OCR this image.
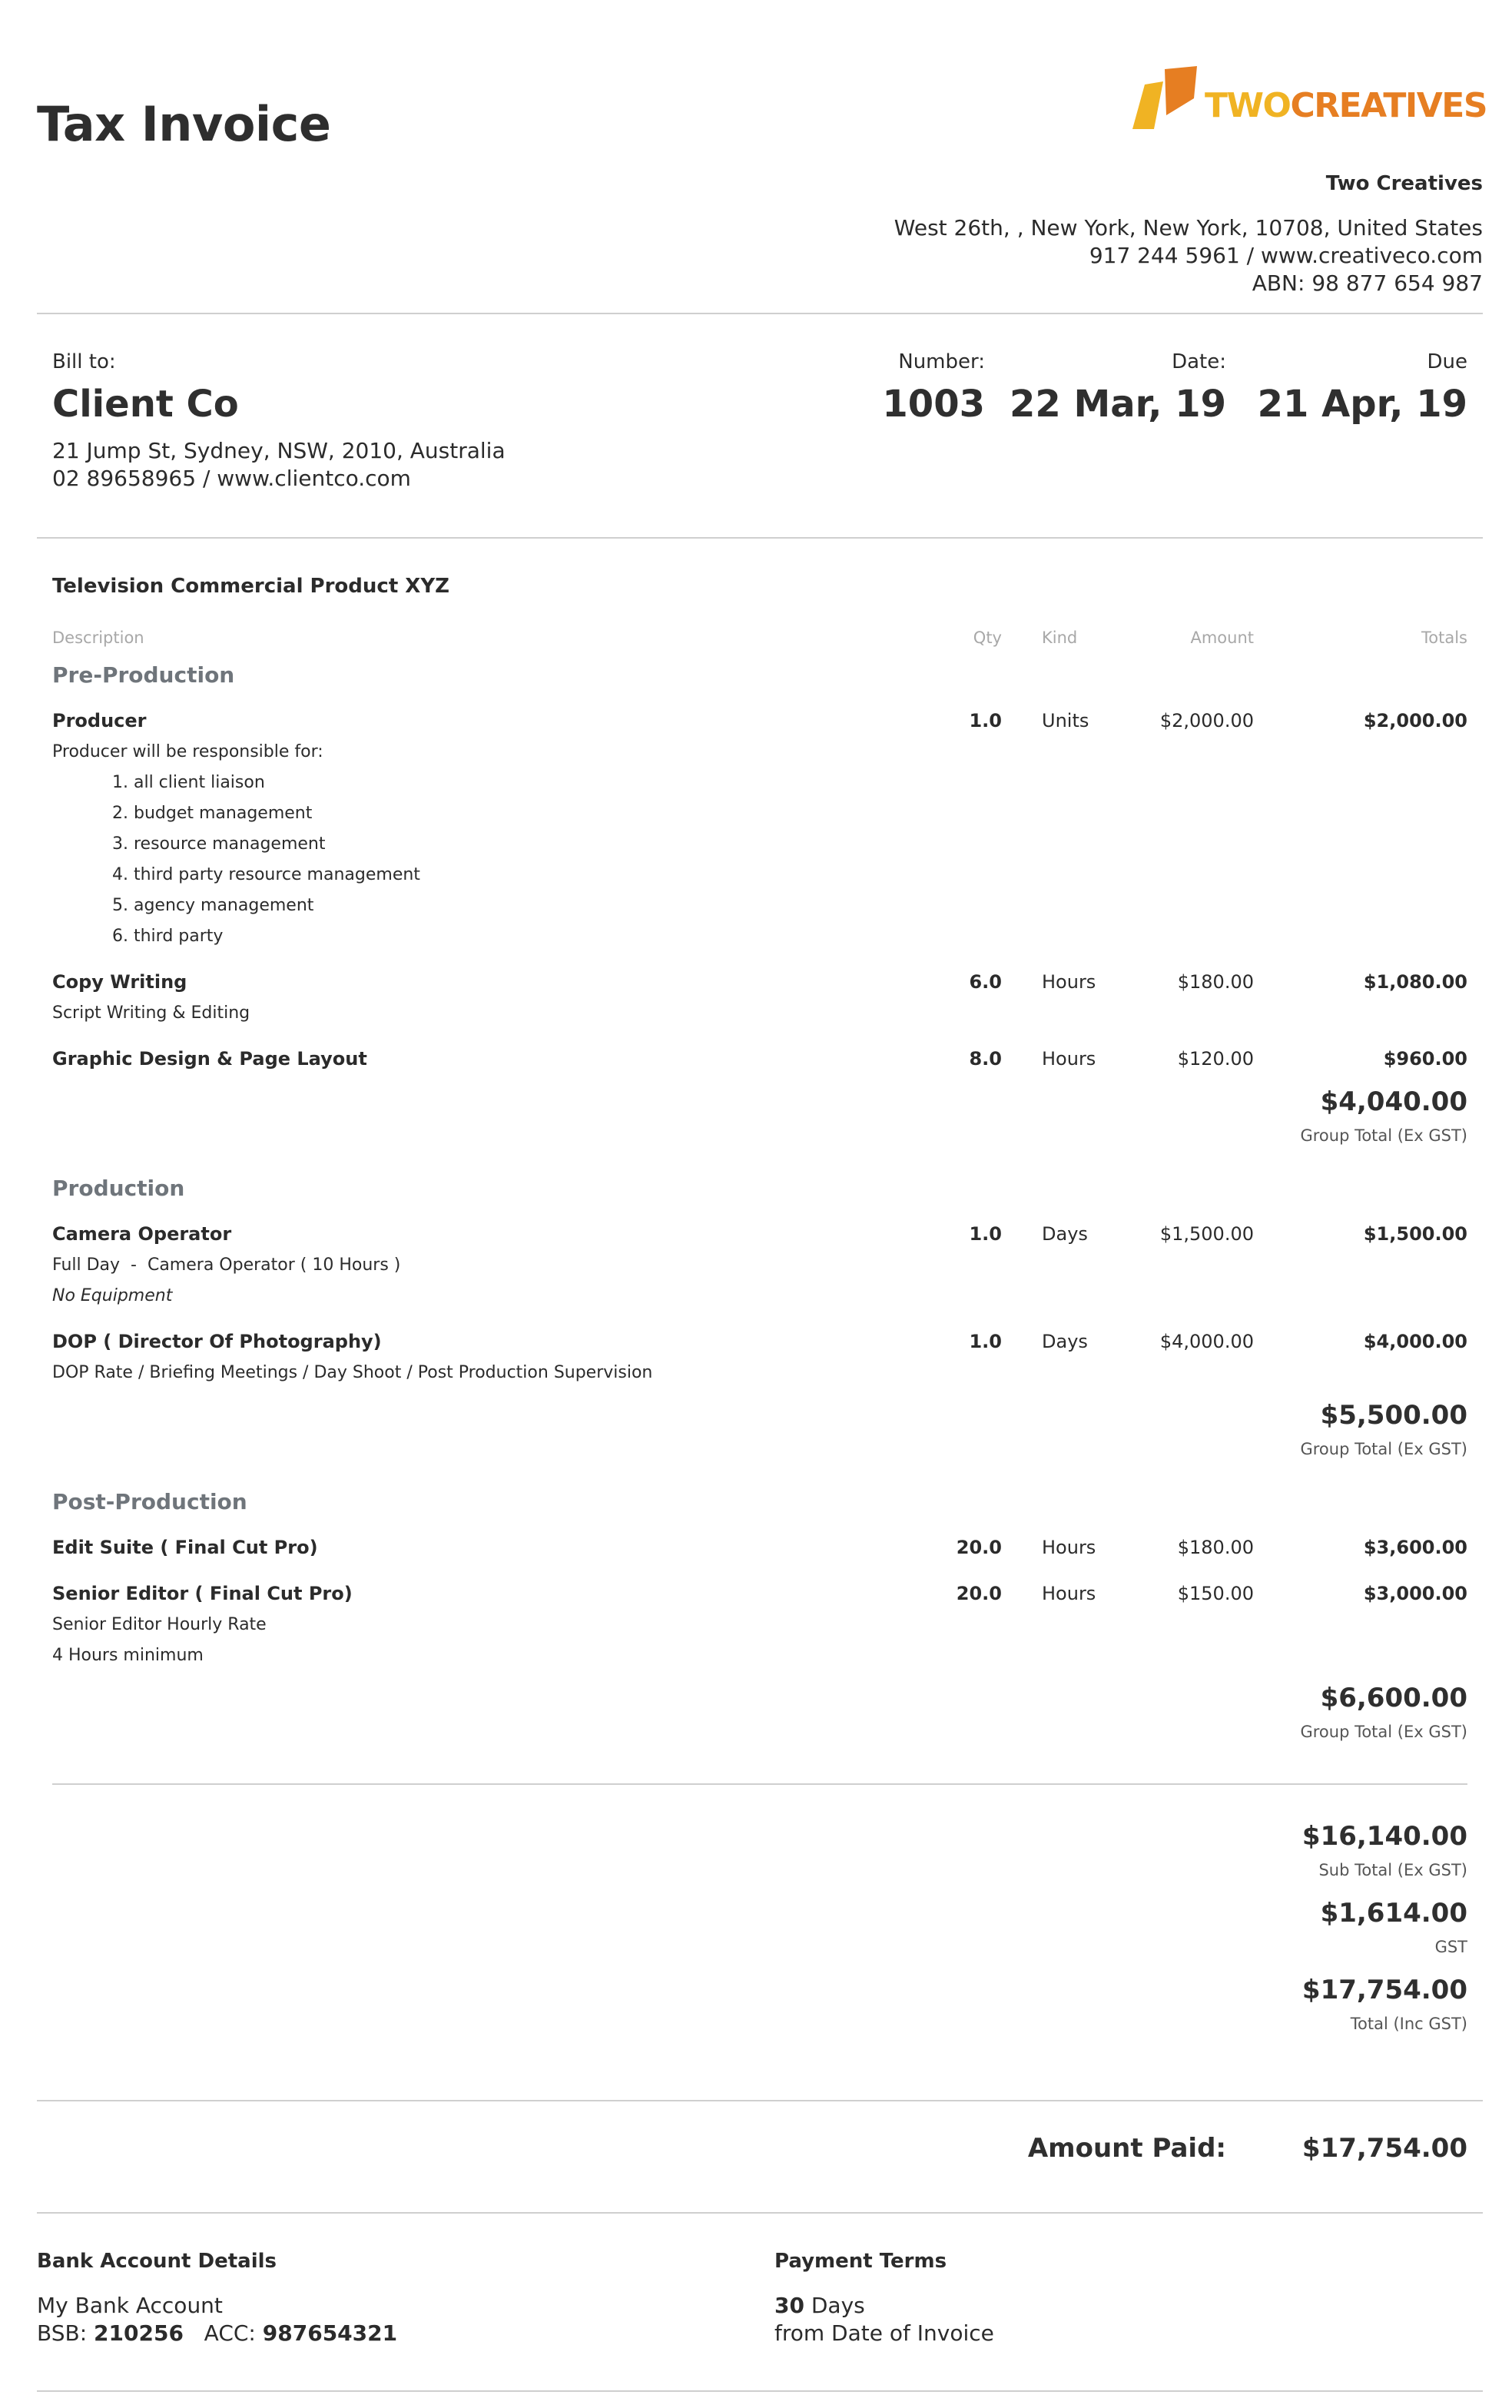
Tax Invoice	TWOCREATIVES
Two Creatives
West 26th, , New York, New York, 10708, United States
917 244 5961 / www.creativeco.com
ABN: 98 877 654 987
Bill to:
Client Co
21 Jump St, Sydney, NSW, 2010, Australia
02 89658965 / www.clientco.com
Number:
1003
Date:
22 Mar, 19
Due
21 Apr, 19
Television Commercial Product XYZ
Description	Qty Kind	Amount	Totals
Pre-Production
Producer	1.0 Units	$2,000.00	$2,000.00
Producer will be responsible for:
1. all client liaison
2. budget management
3. resource management
4. third party resource management
5. agency management
6. third party
Copy Writing	6.0 Hours	$180.00	$1,080.00
Script Writing & Editing
Graphic Design & Page Layout	8.0 Hours	$120.00	$960.00
$4,040.00
Group Total (Ex GST)
Production
Camera Operator	1.0 Days	$1,500.00	$1,500.00
Full Day  -  Camera Operator ( 10 Hours )
No Equipment
DOP ( Director Of Photography)	1.0 Days	$4,000.00	$4,000.00
DOP Rate / Briefing Meetings / Day Shoot / Post Production Supervision
$5,500.00
Group Total (Ex GST)
Post-Production
Edit Suite ( Final Cut Pro)	20.0 Hours	$180.00	$3,600.00
Senior Editor ( Final Cut Pro)	20.0 Hours	$150.00	$3,000.00
Senior Editor Hourly Rate
4 Hours minimum
$6,600.00
Group Total (Ex GST)
$16,140.00
Sub Total (Ex GST)
$1,614.00
GST
$17,754.00
Total (Inc GST)
Amount Paid:	$17,754.00
Bank Account Details
My Bank Account
BSB: 210256 ACC: 987654321
Payment Terms
30 Days
from Date of Invoice
